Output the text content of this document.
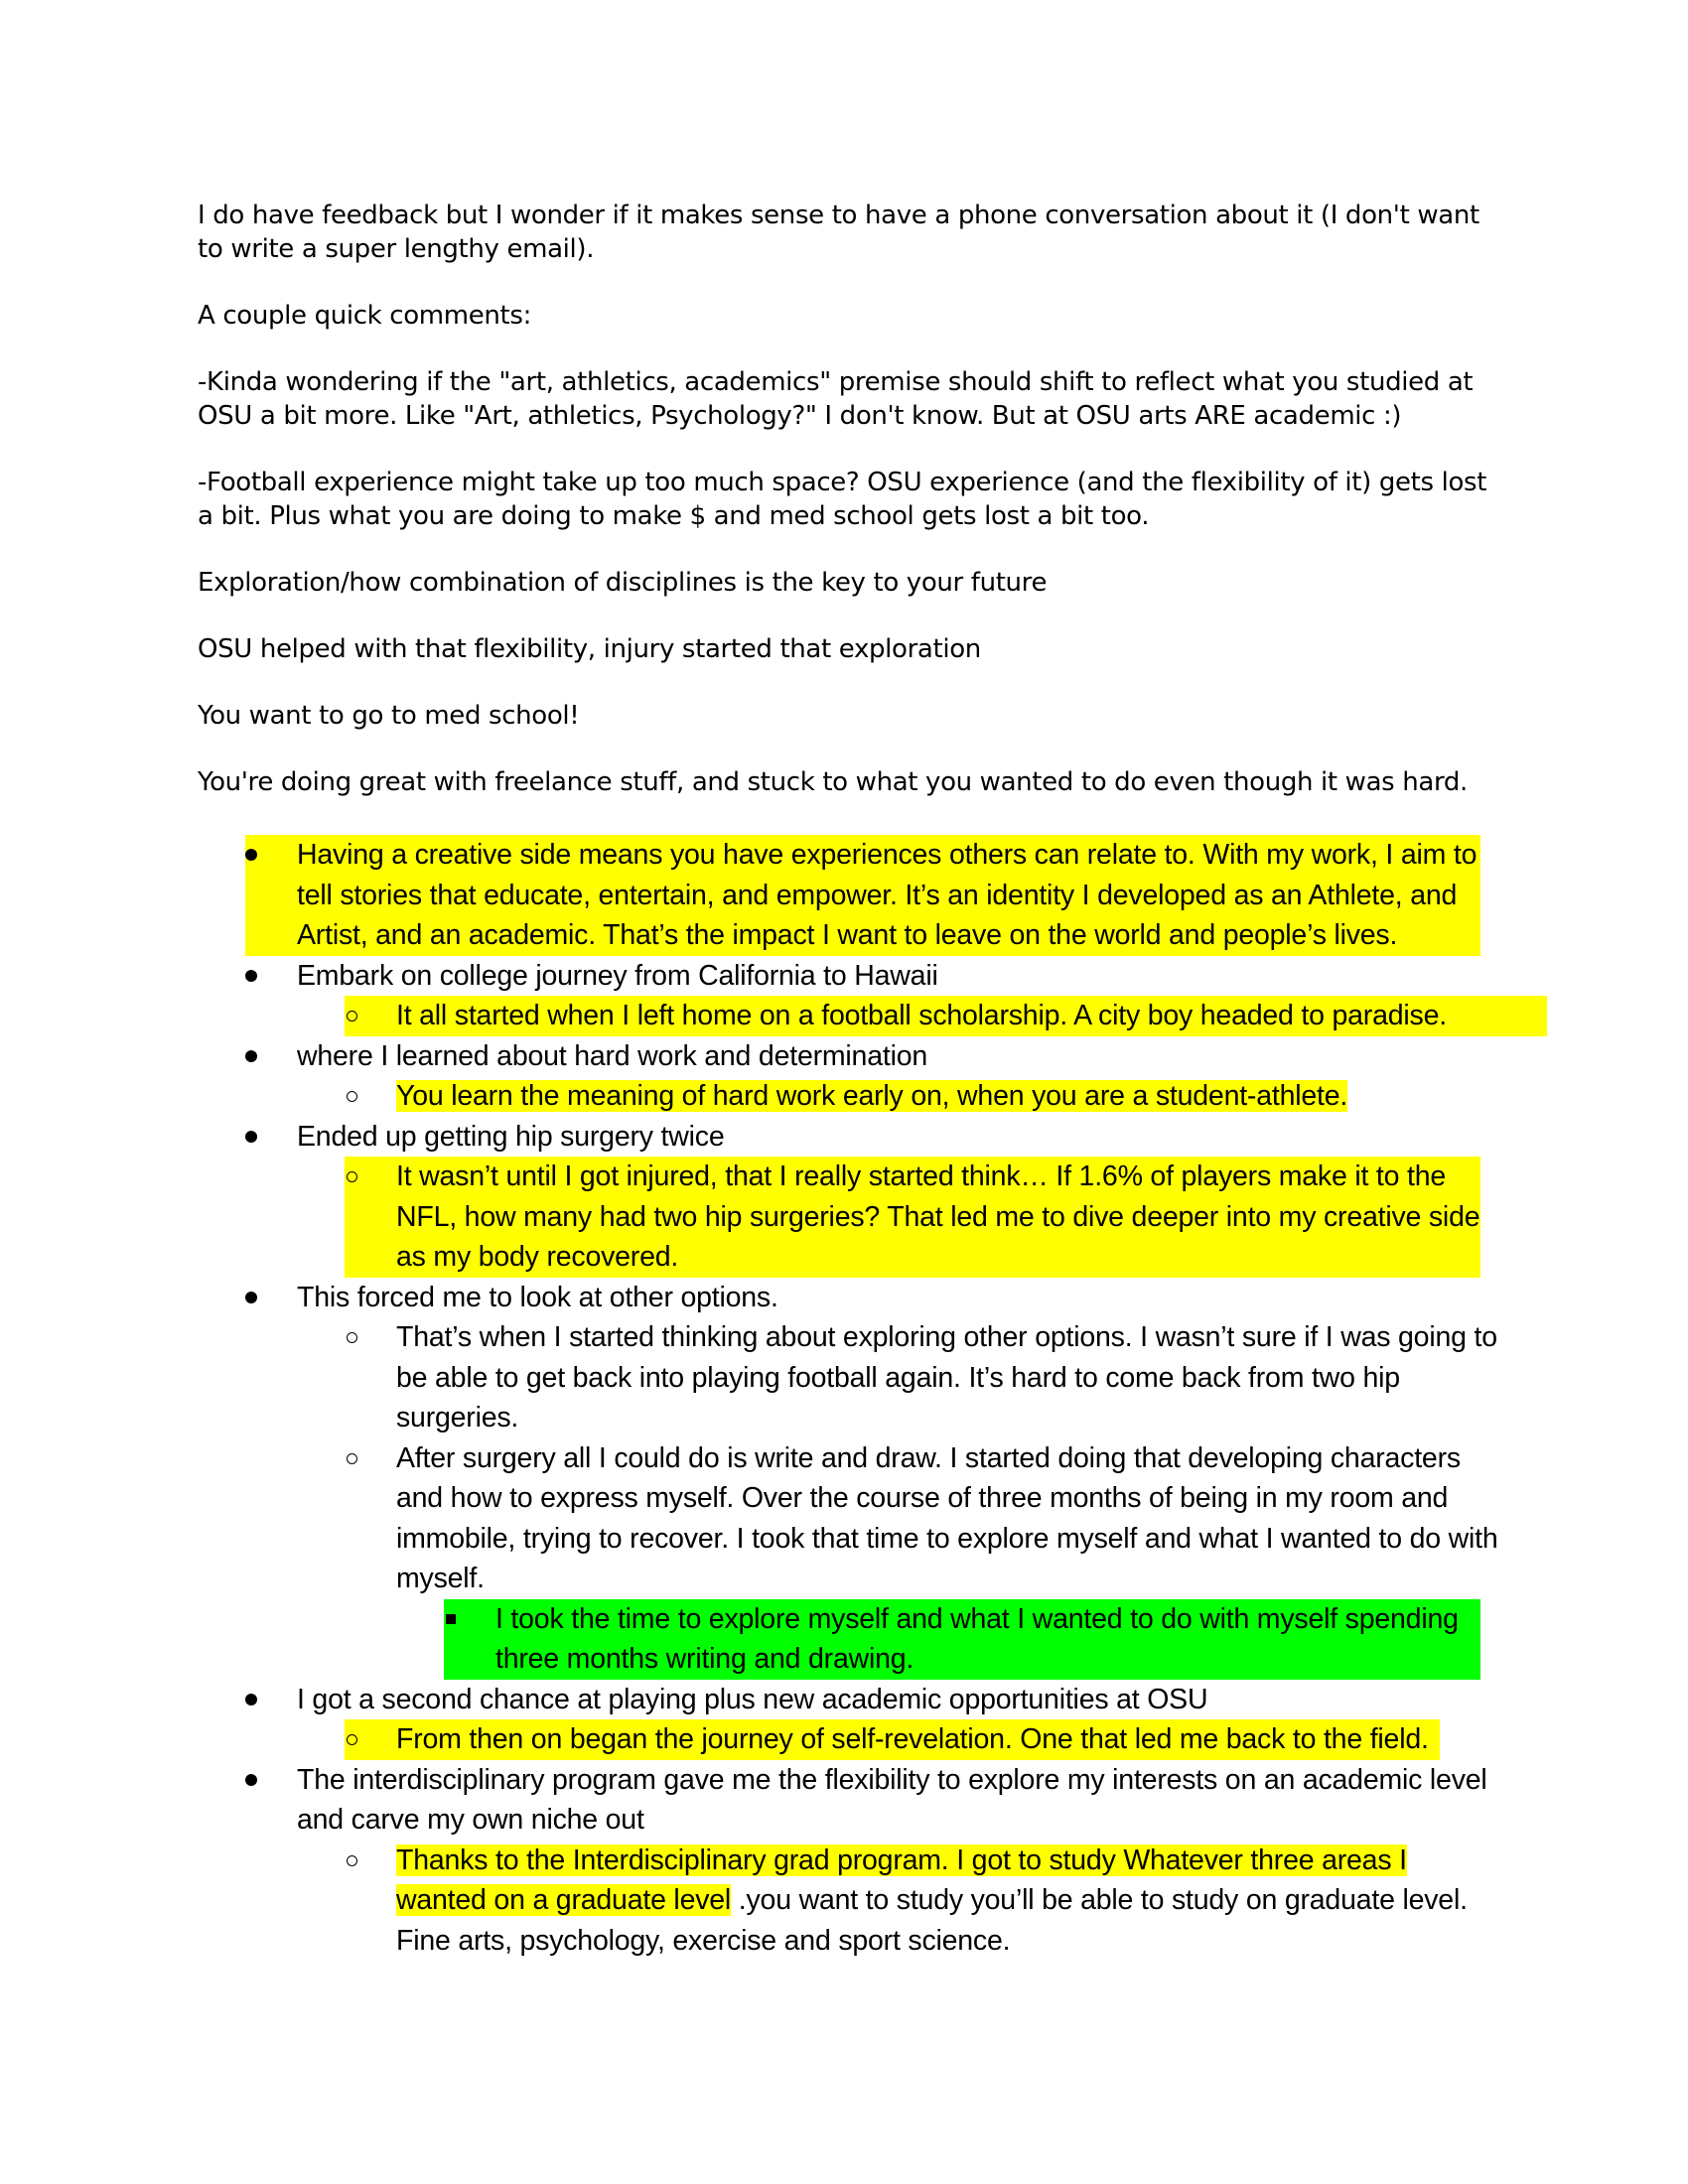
I do have feedback but I wonder if it makes sense to have a phone conversation about it (I don't want to write a super lengthy email).

A couple quick comments:

-Kinda wondering if the "art, athletics, academics" premise should shift to reflect what you studied at OSU a bit more. Like "Art, athletics, Psychology?" I don't know. But at OSU arts ARE academic :)

-Football experience might take up too much space? OSU experience (and the flexibility of it) gets lost a bit. Plus what you are doing to make $ and med school gets lost a bit too.

Exploration/how combination of disciplines is the key to your future

OSU helped with that flexibility, injury started that exploration

You want to go to med school!

You're doing great with freelance stuff, and stuck to what you wanted to do even though it was hard.

Having a creative side means you have experiences others can relate to. With my work, I aim to tell stories that educate, entertain, and empower. It’s an identity I developed as an Athlete, and Artist, and an academic. That’s the impact I want to leave on the world and people’s lives.
Embark on college journey from California to Hawaii
It all started when I left home on a football scholarship. A city boy headed to paradise.
where I learned about hard work and determination
You learn the meaning of hard work early on, when you are a student-athlete.
Ended up getting hip surgery twice
It wasn’t until I got injured, that I really started think… If 1.6% of players make it to the NFL, how many had two hip surgeries? That led me to dive deeper into my creative side as my body recovered.
This forced me to look at other options.
That’s when I started thinking about exploring other options. I wasn’t sure if I was going to be able to get back into playing football again. It’s hard to come back from two hip surgeries.
After surgery all I could do is write and draw. I started doing that developing characters and how to express myself. Over the course of three months of being in my room and immobile, trying to recover. I took that time to explore myself and what I wanted to do with myself.
I took the time to explore myself and what I wanted to do with myself spending three months writing and drawing.
I got a second chance at playing plus new academic opportunities at OSU
From then on began the journey of self-revelation. One that led me back to the field.
The interdisciplinary program gave me the flexibility to explore my interests on an academic level and carve my own niche out
Thanks to the Interdisciplinary grad program. I got to study Whatever three areas I wanted on a graduate level .you want to study you’ll be able to study on graduate level. Fine arts, psychology, exercise and sport science.
